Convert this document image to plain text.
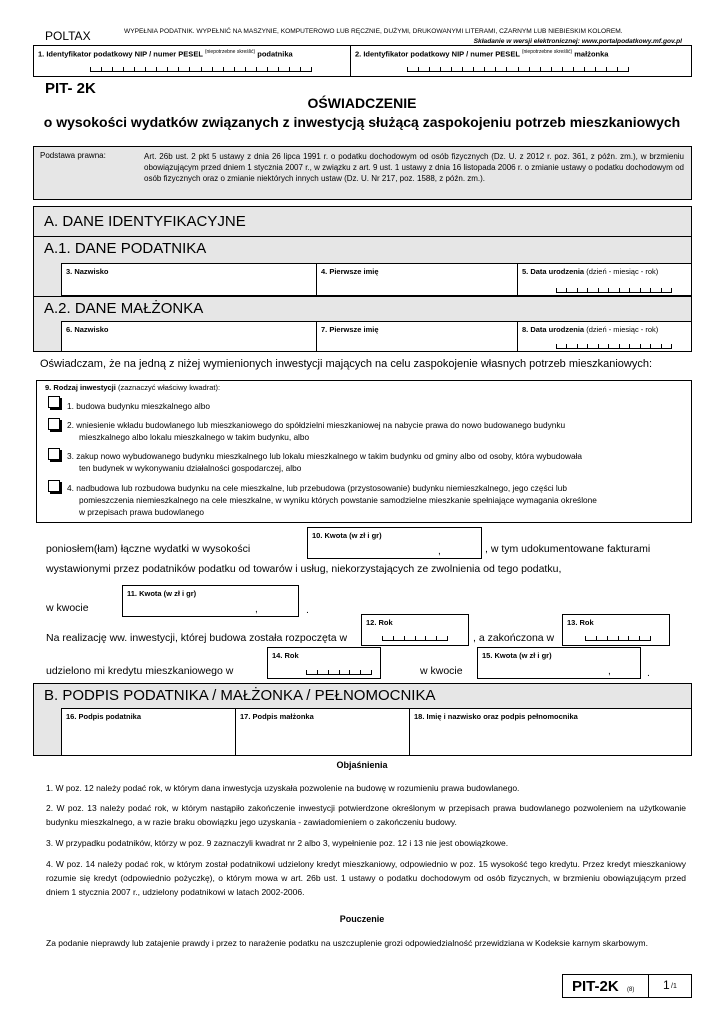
POLTAX	WYPEŁNIA PODATNIK. WYPEŁNIĆ NA MASZYNIE, KOMPUTEROWO LUB RĘCZNIE, DUŻYMI, DRUKOWANYMI LITERAMI, CZARNYM LUB NIEBIESKIM KOLOREM.
Składanie w wersji elektronicznej: www.portalpodatkowy.mf.gov.pl
1. Identyfikator podatkowy NIP / numer PESEL $^{(niepotrzebne skreślić)}$ podatnika	2. Identyfikator podatkowy NIP / numer PESEL $^{(niepotrzebne skreślić)}$ małżonka
PIT- 2K
OŚWIADCZENIE
o wysokości wydatków związanych z inwestycją służącą zaspokojeniu potrzeb mieszkaniowych
Podstawa prawna:	Art. 26b ust. 2 pkt 5 ustawy z dnia 26 lipca 1991 r. o podatku dochodowym od osób fizycznych (Dz. U. z 2012 r. poz. 361, z późn. zm.), w brzmieniu obowiązującym przed dniem 1 stycznia 2007 r., w związku z art. 9 ust. 1 ustawy z dnia 16 listopada 2006 r. o zmianie ustawy o podatku dochodowym od osób fizycznych oraz o zmianie niektórych innych ustaw (Dz. U. Nr 217, poz. 1588, z późn. zm.).
A. DANE IDENTYFIKACYJNE
A.1. DANE PODATNIKA
3. Nazwisko	4. Pierwsze imię	5. Data urodzenia (dzień - miesiąc - rok)
A.2. DANE MAŁŻONKA
6. Nazwisko	7. Pierwsze imię	8. Data urodzenia (dzień - miesiąc - rok)
Oświadczam, że na jedną z niżej wymienionych inwestycji mających na celu zaspokojenie własnych potrzeb mieszkaniowych:
9. Rodzaj inwestycji (zaznaczyć właściwy kwadrat):
1. budowa budynku mieszkalnego albo
2. wniesienie wkładu budowlanego lub mieszkaniowego do spółdzielni mieszkaniowej na nabycie prawa do nowo budowanego budynku
mieszkalnego albo lokalu mieszkalnego w takim budynku, albo
3. zakup nowo wybudowanego budynku mieszkalnego lub lokalu mieszkalnego w takim budynku od gminy albo od osoby, która wybudowała
ten budynek w wykonywaniu działalności gospodarczej, albo
4. nadbudowa lub rozbudowa budynku na cele mieszkalne, lub przebudowa (przystosowanie) budynku niemieszkalnego, jego części lub
pomieszczenia niemieszkalnego na cele mieszkalne, w wyniku których powstanie samodzielne mieszkanie spełniające wymagania określone
w przepisach prawa budowlanego
poniosłem(łam) łączne wydatki w wysokości
10. Kwota (w zł i gr)
,	, w tym udokumentowane fakturami
wystawionymi przez podatników podatku od towarów i usług, niekorzystających ze zwolnienia od tego podatku,
w kwocie
11. Kwota (w zł i gr)
,	.
Na realizację ww. inwestycji, której budowa została rozpoczęta w
12. Rok
, a zakończona w
13. Rok
udzielono mi kredytu mieszkaniowego w
14. Rok
w kwocie
15. Kwota (w zł i gr)
,	.
B. PODPIS PODATNIKA / MAŁŻONKA / PEŁNOMOCNIKA
16. Podpis podatnika	17. Podpis małżonka	18. Imię i nazwisko oraz podpis pełnomocnika
Objaśnienia
1. W poz. 12 należy podać rok, w którym dana inwestycja uzyskała pozwolenie na budowę w rozumieniu prawa budowlanego.
2. W poz. 13 należy podać rok, w którym nastąpiło zakończenie inwestycji potwierdzone określonym w przepisach prawa budowlanego pozwoleniem na użytkowanie budynku mieszkalnego, a w razie braku obowiązku jego uzyskania - zawiadomieniem o zakończeniu budowy.
3. W przypadku podatników, którzy w poz. 9 zaznaczyli kwadrat nr 2 albo 3, wypełnienie poz. 12 i 13 nie jest obowiązkowe.
4. W poz. 14 należy podać rok, w którym został podatnikowi udzielony kredyt mieszkaniowy, odpowiednio w poz. 15 wysokość tego kredytu. Przez kredyt mieszkaniowy rozumie się kredyt (odpowiednio pożyczkę), o którym mowa w art. 26b ust. 1 ustawy o podatku dochodowym od osób fizycznych, w brzmieniu obowiązującym przed dniem 1 stycznia 2007 r., udzielony podatnikowi w latach 2002-2006.
Pouczenie
Za podanie nieprawdy lub zatajenie prawdy i przez to narażenie podatku na uszczuplenie grozi odpowiedzialność przewidziana w Kodeksie karnym skarbowym.
PIT-2K (8) 1 /1
